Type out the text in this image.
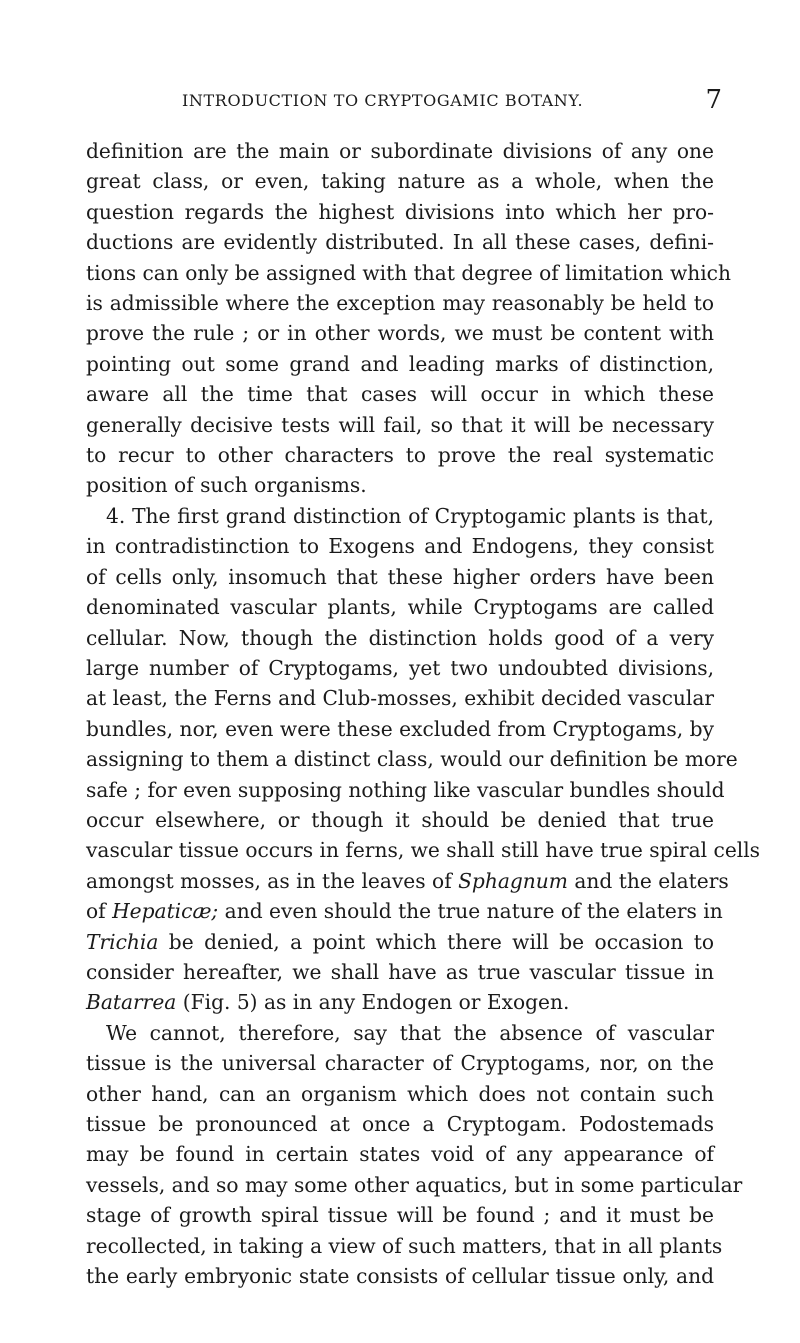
INTRODUCTION TO CRYPTOGAMIC BOTANY.	7
definition are the main or subordinate divisions of any one
great class, or even, taking nature as a whole, when the
question regards the highest divisions into which her pro-
ductions are evidently distributed. In all these cases, defini-
tions can only be assigned with that degree of limitation which
is admissible where the exception may reasonably be held to
prove the rule ; or in other words, we must be content with
pointing out some grand and leading marks of distinction,
aware all the time that cases will occur in which these
generally decisive tests will fail, so that it will be necessary
to recur to other characters to prove the real systematic
position of such organisms.
4. The first grand distinction of Cryptogamic plants is that,
in contradistinction to Exogens and Endogens, they consist
of cells only, insomuch that these higher orders have been
denominated vascular plants, while Cryptogams are called
cellular. Now, though the distinction holds good of a very
large number of Cryptogams, yet two undoubted divisions,
at least, the Ferns and Club-mosses, exhibit decided vascular
bundles, nor, even were these excluded from Cryptogams, by
assigning to them a distinct class, would our definition be more
safe ; for even supposing nothing like vascular bundles should
occur elsewhere, or though it should be denied that true
vascular tissue occurs in ferns, we shall still have true spiral cells
amongst mosses, as in the leaves of Sphagnum and the elaters
of Hepaticæ; and even should the true nature of the elaters in
Trichia be denied, a point which there will be occasion to
consider hereafter, we shall have as true vascular tissue in
Batarrea (Fig. 5) as in any Endogen or Exogen.
We cannot, therefore, say that the absence of vascular
tissue is the universal character of Cryptogams, nor, on the
other hand, can an organism which does not contain such
tissue be pronounced at once a Cryptogam. Podostemads
may be found in certain states void of any appearance of
vessels, and so may some other aquatics, but in some particular
stage of growth spiral tissue will be found ; and it must be
recollected, in taking a view of such matters, that in all plants
the early embryonic state consists of cellular tissue only, and
